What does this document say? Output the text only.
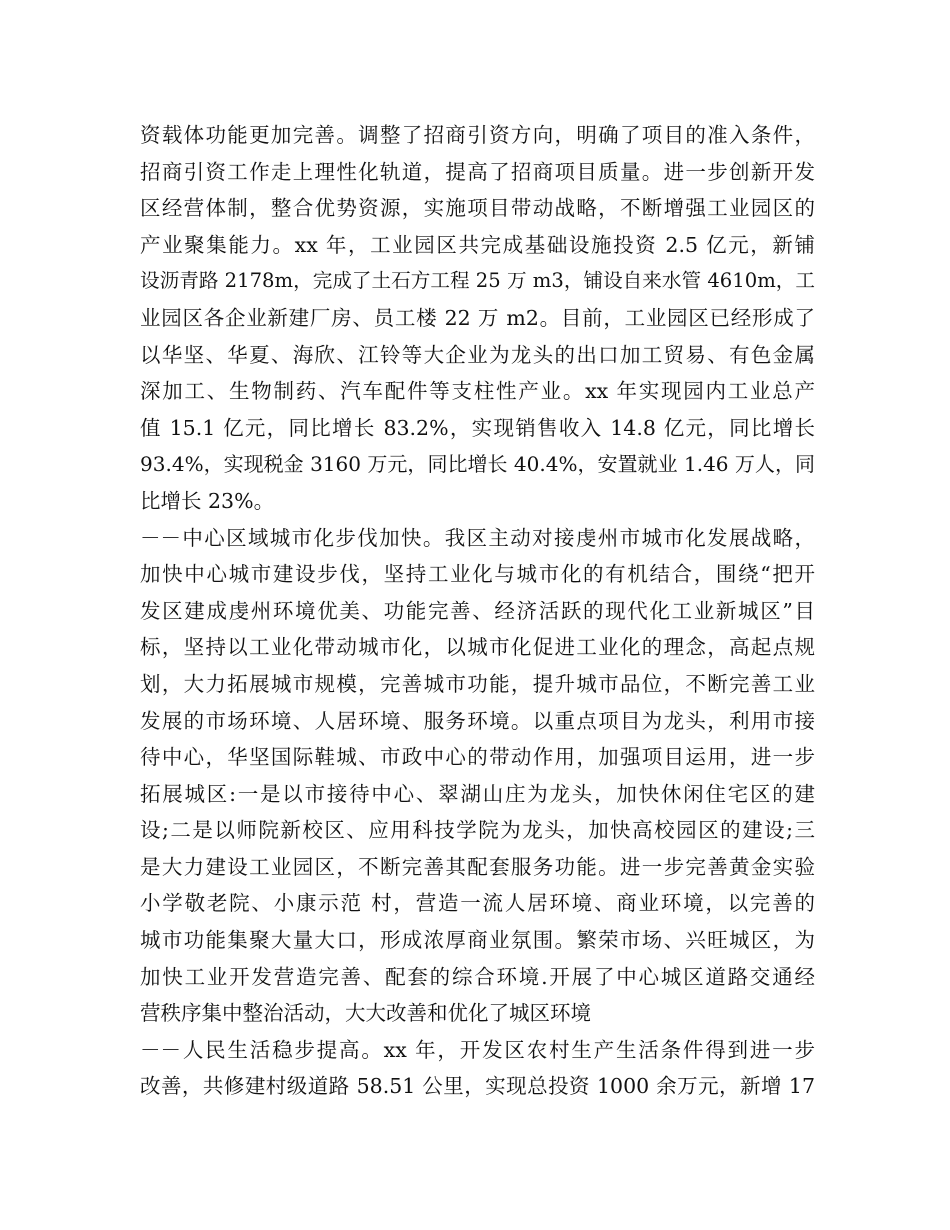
资载体功能更加完善。调整了招商引资方向，明确了项目的准入条件，
招商引资工作走上理性化轨道，提高了招商项目质量。进一步创新开发
区经营体制，整合优势资源，实施项目带动战略，不断增强工业园区的
产业聚集能力。xx 年，工业园区共完成基础设施投资 2.5 亿元，新铺
设沥青路 2178m，完成了土石方工程 25 万 m3，铺设自来水管 4610m，工
业园区各企业新建厂房、员工楼 22 万 m2。目前，工业园区已经形成了
以华坚、华夏、海欣、江铃等大企业为龙头的出口加工贸易、有色金属
深加工、生物制药、汽车配件等支柱性产业。xx 年实现园内工业总产
值 15.1 亿元，同比增长 83.2%，实现销售收入 14.8 亿元，同比增长
93.4%，实现税金 3160 万元，同比增长 40.4%，安置就业 1.46 万人，同
比增长 23%。
－－中心区域城市化步伐加快。我区主动对接虔州市城市化发展战略，
加快中心城市建设步伐，坚持工业化与城市化的有机结合，围绕“把开
发区建成虔州环境优美、功能完善、经济活跃的现代化工业新城区”目
标，坚持以工业化带动城市化，以城市化促进工业化的理念，高起点规
划，大力拓展城市规模，完善城市功能，提升城市品位，不断完善工业
发展的市场环境、人居环境、服务环境。以重点项目为龙头，利用市接
待中心，华坚国际鞋城、市政中心的带动作用，加强项目运用，进一步
拓展城区:一是以市接待中心、翠湖山庄为龙头，加快休闲住宅区的建
设;二是以师院新校区、应用科技学院为龙头，加快高校园区的建设;三
是大力建设工业园区，不断完善其配套服务功能。进一步完善黄金实验
小学敬老院、小康示范 村，营造一流人居环境、商业环境，以完善的
城市功能集聚大量大口，形成浓厚商业氛围。繁荣市场、兴旺城区，为
加快工业开发营造完善、配套的综合环境.开展了中心城区道路交通经
营秩序集中整治活动，大大改善和优化了城区环境
－－人民生活稳步提高。xx 年，开发区农村生产生活条件得到进一步
改善，共修建村级道路 58.51 公里，实现总投资 1000 余万元，新增 17
